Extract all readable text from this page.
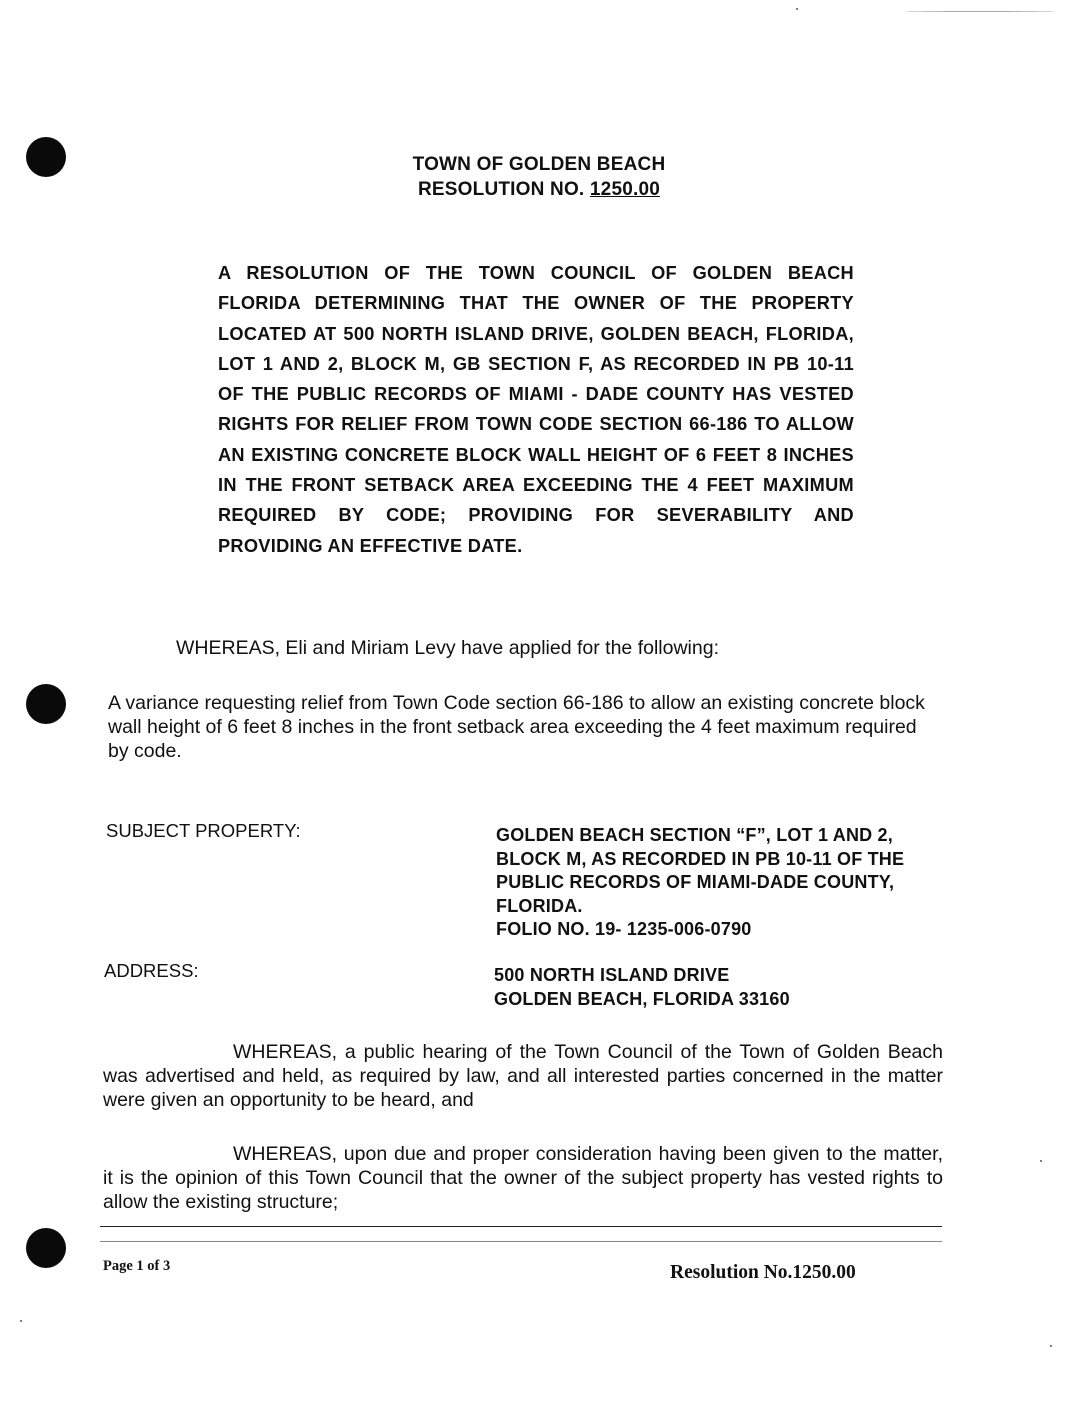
TOWN OF GOLDEN BEACH
RESOLUTION NO. 1250.00
A RESOLUTION OF THE TOWN COUNCIL OF GOLDEN BEACH FLORIDA DETERMINING THAT THE OWNER OF THE PROPERTY LOCATED AT 500 NORTH ISLAND DRIVE, GOLDEN BEACH, FLORIDA, LOT 1 AND 2, BLOCK M, GB SECTION F, AS RECORDED IN PB 10-11 OF THE PUBLIC RECORDS OF MIAMI - DADE COUNTY HAS VESTED RIGHTS FOR RELIEF FROM TOWN CODE SECTION 66-186 TO ALLOW AN EXISTING CONCRETE BLOCK WALL HEIGHT OF 6 FEET 8 INCHES IN THE FRONT SETBACK AREA EXCEEDING THE 4 FEET MAXIMUM REQUIRED BY CODE; PROVIDING FOR SEVERABILITY AND PROVIDING AN EFFECTIVE DATE.
WHEREAS, Eli and Miriam Levy have applied for the following:
A variance requesting relief from Town Code section 66-186 to allow an existing concrete block wall height of 6 feet 8 inches in the front setback area exceeding the 4 feet maximum required by code.
SUBJECT PROPERTY:	GOLDEN BEACH SECTION “F”, LOT 1 AND 2,
BLOCK M, AS RECORDED IN PB 10-11 OF THE
PUBLIC RECORDS OF MIAMI-DADE COUNTY,
FLORIDA.
FOLIO NO. 19- 1235-006-0790
ADDRESS:	500 NORTH ISLAND DRIVE
GOLDEN BEACH, FLORIDA 33160
WHEREAS, a public hearing of the Town Council of the Town of Golden Beach was advertised and held, as required by law, and all interested parties concerned in the matter were given an opportunity to be heard, and
WHEREAS, upon due and proper consideration having been given to the matter, it is the opinion of this Town Council that the owner of the subject property has vested rights to allow the existing structure;
Page 1 of 3	Resolution No.1250.00
